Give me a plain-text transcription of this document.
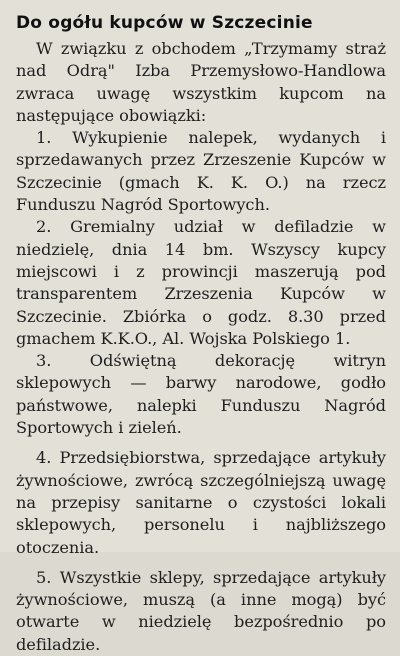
Do ogółu kupców w Szczecinie

W związku z obchodem „Trzymamy straż nad Odrą" Izba Przemysłowo-Handlowa zwraca uwagę wszystkim kupcom na następujące obowiązki:

1. Wykupienie nalepek, wydanych i sprzedawanych przez Zrzeszenie Kupców w Szczecinie (gmach K. K. O.) na rzecz Funduszu Nagród Sportowych.

2. Gremialny udział w defiladzie w niedzielę, dnia 14 bm. Wszyscy kupcy miejscowi i z prowincji maszerują pod transparentem Zrzeszenia Kupców w Szczecinie. Zbiórka o godz. 8.30 przed gmachem K.K.O., Al. Wojska Polskiego 1.

3. Odświętną dekorację witryn sklepowych — barwy narodowe, godło państwowe, nalepki Funduszu Nagród Sportowych i zieleń.

4. Przedsiębiorstwa, sprzedające artykuły żywnościowe, zwrócą szczególniejszą uwagę na przepisy sanitarne o czystości lokali sklepowych, personelu i najbliższego otoczenia.

5. Wszystkie sklepy, sprzedające artykuły żywnościowe, muszą (a inne mogą) być otwarte w niedzielę bezpośrednio po defiladzie.
